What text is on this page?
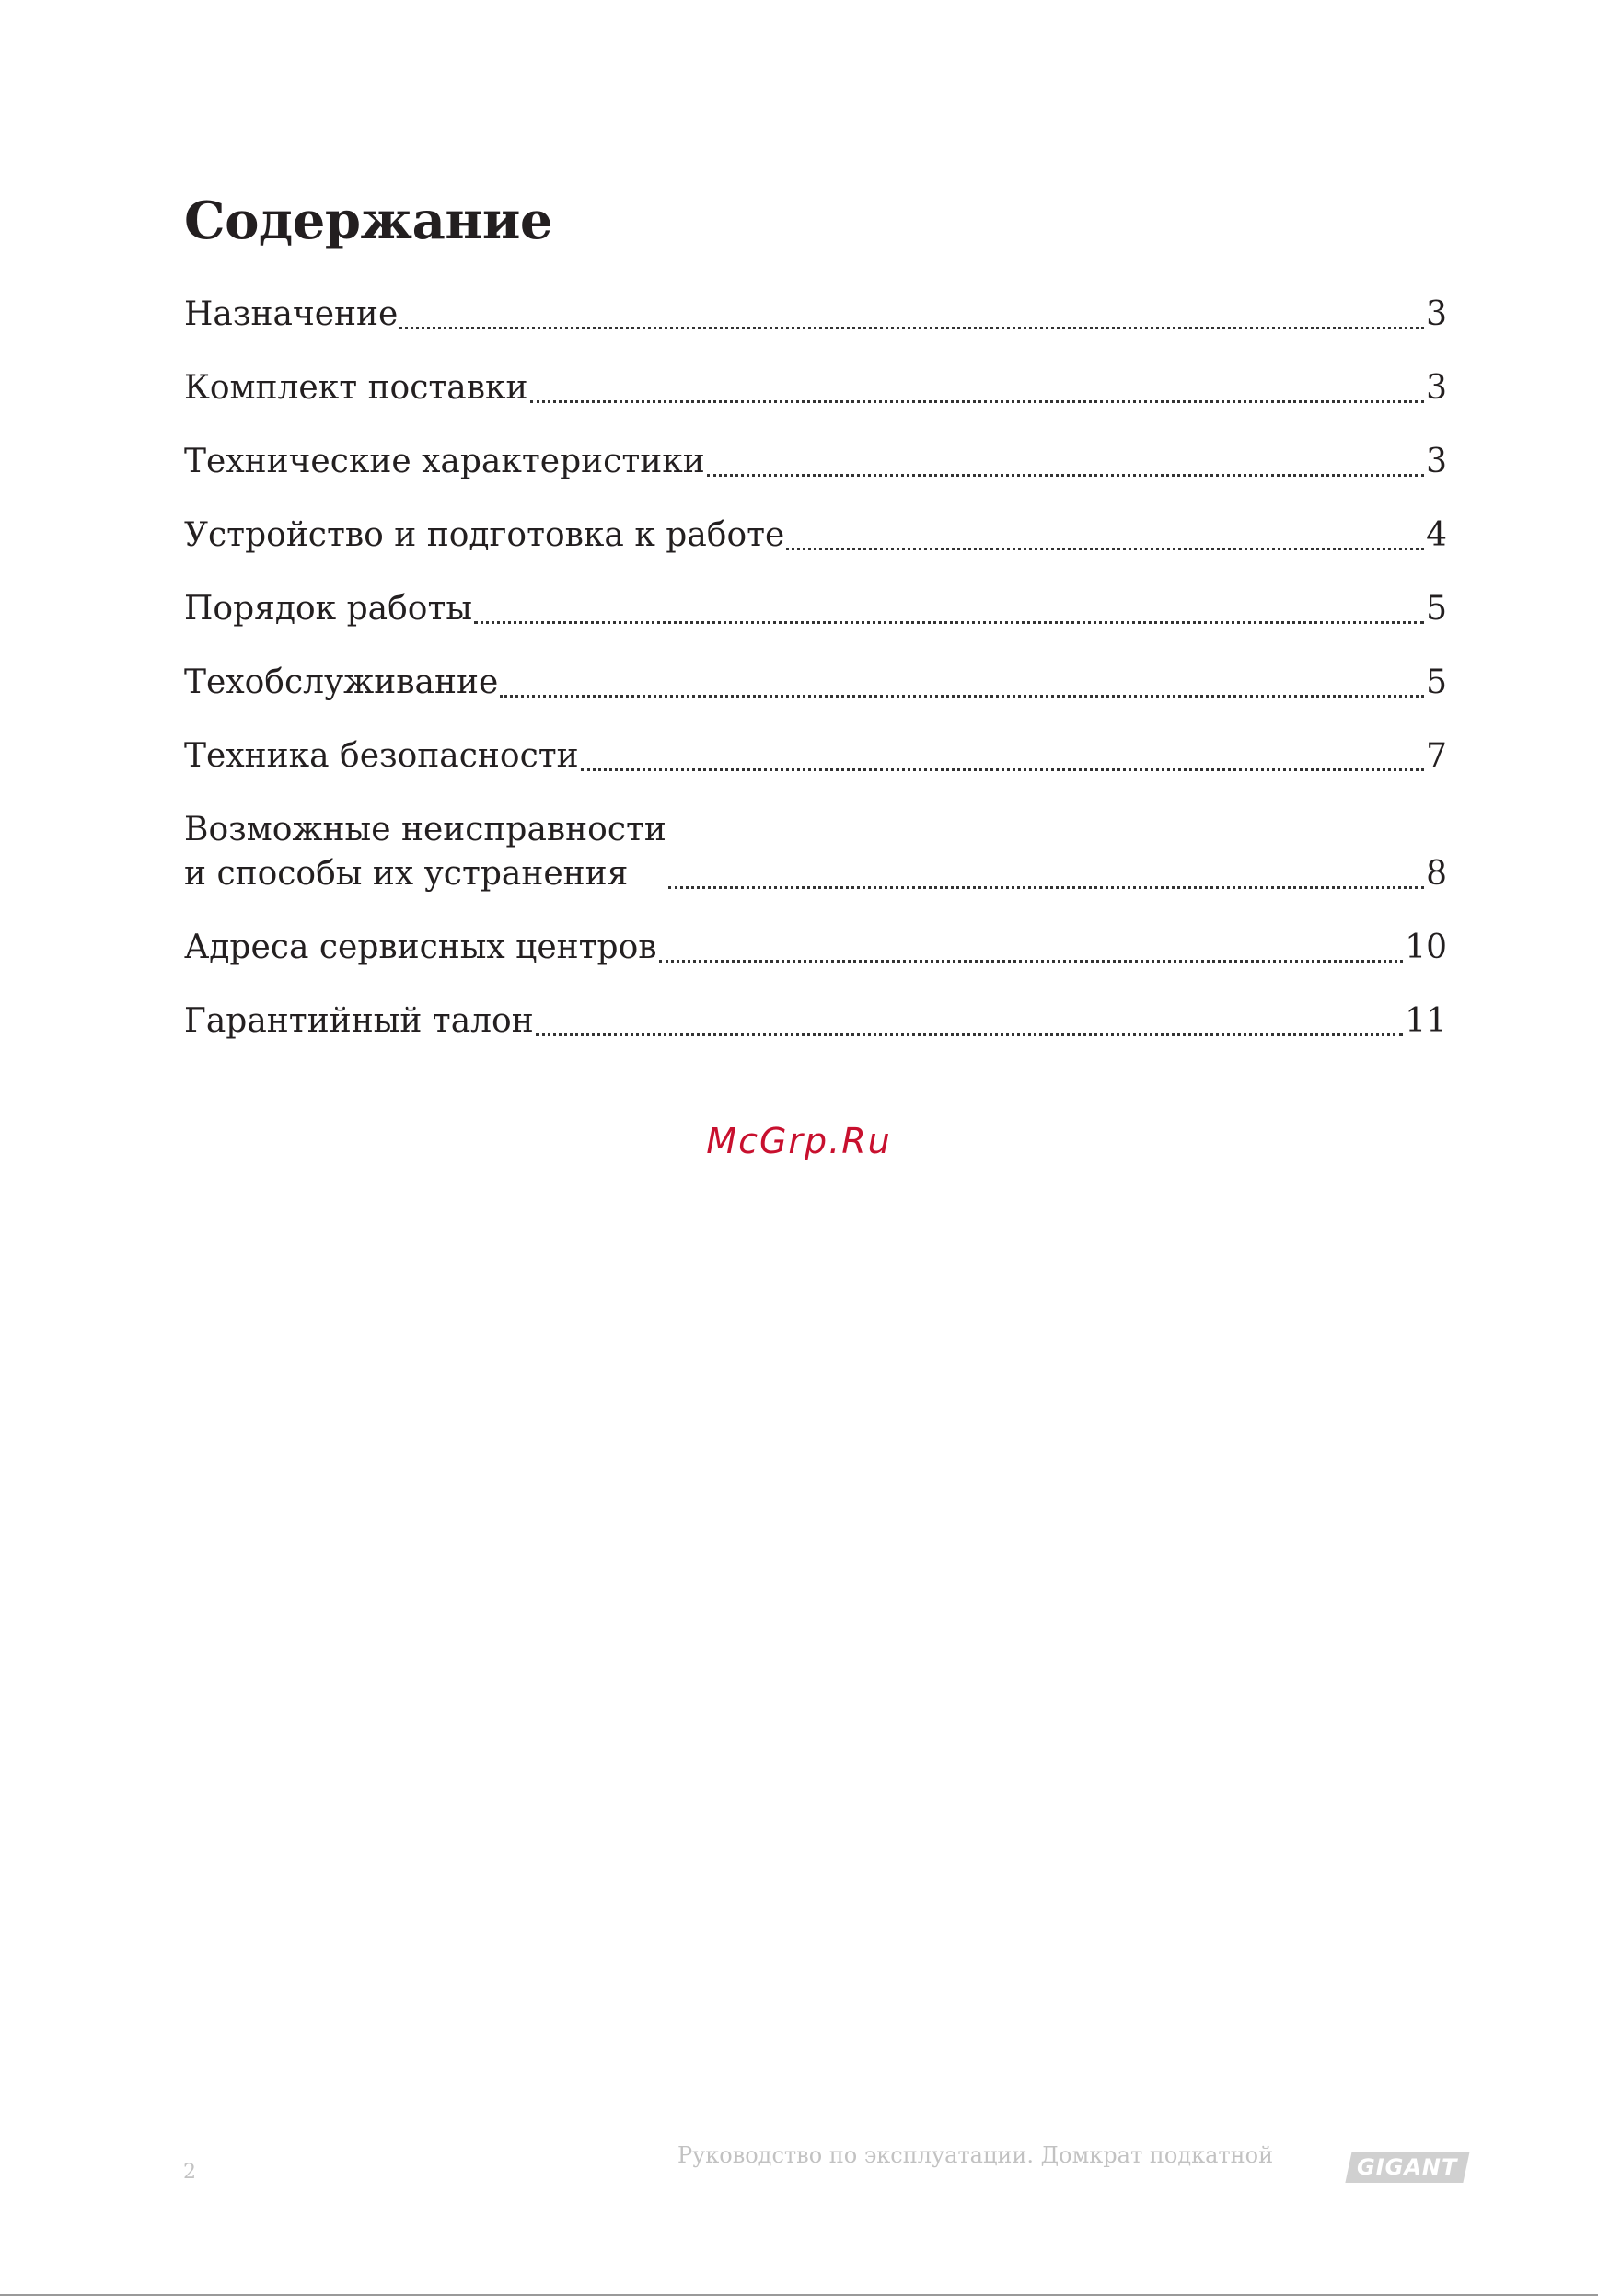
Содержание
Назначение	3
Комплект поставки	3
Технические характеристики	3
Устройство и подготовка к работе	4
Порядок работы	5
Техобслуживание	5
Техника безопасности	7
Возможные неисправности
и способы их устранения	8
Адреса сервисных центров	10
Гарантийный талон	11
McGrp.Ru
2
Руководство по эксплуатации. Домкрат подкатной	GIGANT
